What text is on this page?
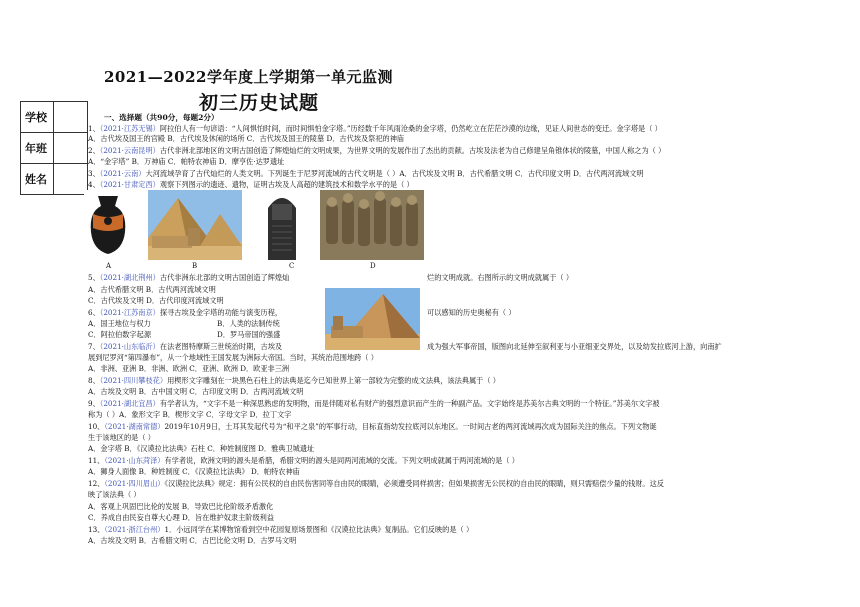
2021—2022学年度上学期第一单元监测
初三历史试题
学校	
年班	
姓名	
一、选择题（共90分，每题2分）
1、（2021·江苏无锡）阿拉伯人有一句谚语：“人间惧怕时间，而时间惧怕金字塔。”历经数千年风雨沧桑的金字塔，仍然屹立在茫茫沙漠的边缘，见证人间世态的变迁。金字塔是（ ）
A．古代埃及国王的宫殿 B．古代埃及休闲的场所 C．古代埃及国王的陵墓 D．古代埃及祭祀的神庙
2、（2021·云南昆明）古代非洲北部地区的文明古国创造了辉煌灿烂的文明成果，为世界文明的发展作出了杰出的贡献。古埃及法老为自己修建呈角锥体状的陵墓，中国人称之为（ ）
A．“金字塔” B．万神庙 C．帕特农神庙 D．摩亨佐·达罗遗址
3、（2021·云南）大河流域孕育了古代灿烂的人类文明。下列诞生于尼罗河流域的古代文明是（ ）A．古代埃及文明 B．古代希腊文明 C．古代印度文明 D．古代两河流域文明
4、（2021·甘肃定西）观察下列图示的遗迹、遗物，证明古埃及人高超的建筑技术和数学水平的是（ ）
A	B	C	D
5、（2021·湖北荆州）古代非洲东北部的文明古国创造了辉煌灿	烂的文明成就。右图所示的文明成就属于（ ）
A．古代希腊文明 B．古代两河流域文明
C．古代埃及文明 D．古代印度河流域文明
6、（2021·江苏南京）探寻古埃及金字塔的功能与演变历程，	可以感知的历史奥秘有（ ）
A．国王地位与权力	B．人类的法制传统
C．阿拉伯数字起源	D．罗马帝国的强盛
7、（2021·山东临沂）在法老图特摩斯三世统治时期，古埃及	成为强大军事帝国，版图向北延伸至叙利亚与小亚细亚交界处，以及幼发拉底河上游，向南扩
展到尼罗河“第四瀑布”，从一个地域性王国发展为洲际大帝国。当时，其统治范围地跨（ ）
A．非洲、亚洲 B．非洲、欧洲 C．亚洲、欧洲 D．欧亚非三洲
8、（2021·四川攀枝花）用楔形文字雕刻在一块黑色石柱上的法典是迄今已知世界上第一部较为完整的成文法典，该法典属于（ ）
A．古埃及文明 B．古中国文明 C．古印度文明 D．古两河流域文明
9、（2021·湖北宜昌）有学者认为，“文字不是一种深思熟虑的发明物，而是伴随对私有财产的强烈意识而产生的一种副产品。文字始终是苏美尔古典文明的一个特征。”苏美尔文字被
称为（ ）A．象形文字 B．楔形文字 C．字母文字 D．拉丁文字
10、（2021·湖南常德）2019年10月9日，土耳其发起代号为“和平之泉”的军事行动，目标直指幼发拉底河以东地区。一时间古老的两河流域再次成为国际关注的焦点。下列文物诞
生于该地区的是（ ）
A．金字塔 B．《汉谟拉比法典》石柱 C．种姓制度图 D．雅典卫城遗址
11、（2021·山东菏泽）有学者说，欧洲文明的源头是希腊，希腊文明的源头是同两河流域的交流。下列文明成就属于两河流域的是（ ）
A．狮身人面像 B．种姓制度 C．《汉谟拉比法典》 D．帕特农神庙
12、（2021·四川眉山）《汉谟拉比法典》规定：拥有公民权的自由民伤害同等自由民的眼睛，必须遭受同样损害；但如果损害无公民权的自由民的眼睛，则只需赔偿少量的钱财。这反
映了该法典（ ）
A．客观上巩固巴比伦的发展 B．导致巴比伦阶级矛盾激化
C．养成自由民妄自尊大心理 D．旨在维护奴隶主阶级利益
13、（2021·浙江台州）1．小远同学在某博物馆看到空中花园复原场景图和《汉谟拉比法典》复制品。它们反映的是（ ）
A．古埃及文明 B．古希腊文明 C．古巴比伦文明 D．古罗马文明
